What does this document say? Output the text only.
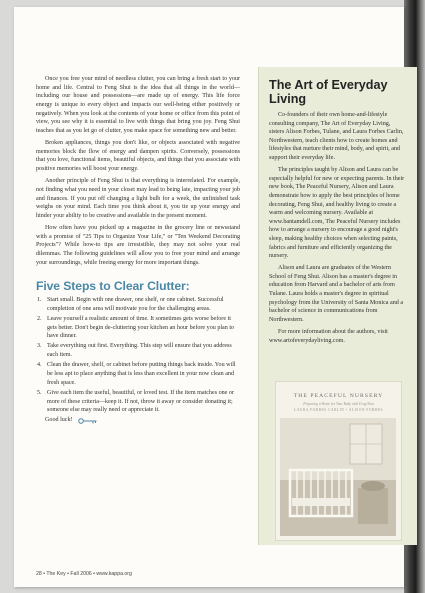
Once you free your mind of needless clutter, you can bring a fresh start to your home and life. Central to Feng Shui is the idea that all things in the world—including our house and possessions—are made up of energy. This life force energy is unique to every object and impacts our well-being either positively or negatively. When you look at the contents of your home or office from this point of view, you see why it is essential to live with things that bring you joy. Feng Shui teaches that as you let go of clutter, you make space for something new and better.

Broken appliances, things you don't like, or objects associated with negative memories block the flow of energy and dampen spirits. Conversely, possessions that you love, functional items, beautiful objects, and things that you associate with positive memories will boost your energy.

Another principle of Feng Shui is that everything is interrelated. For example, not finding what you need in your closet may lead to being late, impacting your job and finances. If you put off changing a light bulb for a week, the unfinished task weighs on your mind. Each time you think about it, you tie up your energy and hinder your ability to be creative and available in the present moment.

How often have you picked up a magazine in the grocery line or newsstand with a promise of "25 Tips to Organize Your Life," or "Ten Weekend Decorating Projects"? While how-to tips are irresistible, they may not solve your real dilemmas. The following guidelines will allow you to free your mind and arrange your surroundings, while freeing energy for more important things.

Five Steps to Clear Clutter:
1. Start small. Begin with one drawer, one shelf, or one cabinet. Successful completion of one area will motivate you for the challenging areas.
2. Leave yourself a realistic amount of time. It sometimes gets worse before it gets better. Don't begin de-cluttering your kitchen an hour before you plan to have dinner.
3. Take everything out first. Everything. This step will ensure that you address each item.
4. Clean the drawer, shelf, or cabinet before putting things back inside. You will be less apt to place anything that is less than excellent in your now clean and fresh space.
5. Give each item the useful, beautiful, or loved test. If the item matches one or more of these criteria—keep it. If not, throw it away or consider donating it; someone else may really need or appreciate it.

Good luck!

The Art of Everyday Living

Co-founders of their own home-and-lifestyle consulting company, The Art of Everyday Living, sisters Alison Forbes, Tulane, and Laura Forbes Carlin, Northwestern, teach clients how to create homes and lifestyles that nurture their mind, body, and spirit, and support their everyday life.

The principles taught by Alison and Laura can be especially helpful for new or expecting parents. In their new book, The Peaceful Nursery, Alison and Laura demonstrate how to apply the best principles of home decorating, Feng Shui, and healthy living to create a warm and welcoming nursery. Available at www.bantamdell.com, The Peaceful Nursery includes how to arrange a nursery to encourage a good night's sleep, making healthy choices when selecting paints, fabrics and furniture and efficiently organizing the nursery.

Alison and Laura are graduates of the Western School of Feng Shui. Alison has a master's degree in education from Harvard and a bachelor of arts from Tulane. Laura holds a master's degree in spiritual psychology from the University of Santa Monica and a bachelor of science in communications from Northwestern.

For more information about the authors, visit www.artofeverydayliving.com.

THE PEACEFUL NURSERY
Preparing a Home for Your Baby with Feng Shui
LAURA FORBES CARLIN • ALISON FORBES
28 • The Key • Fall 2006 • www.kappa.org
